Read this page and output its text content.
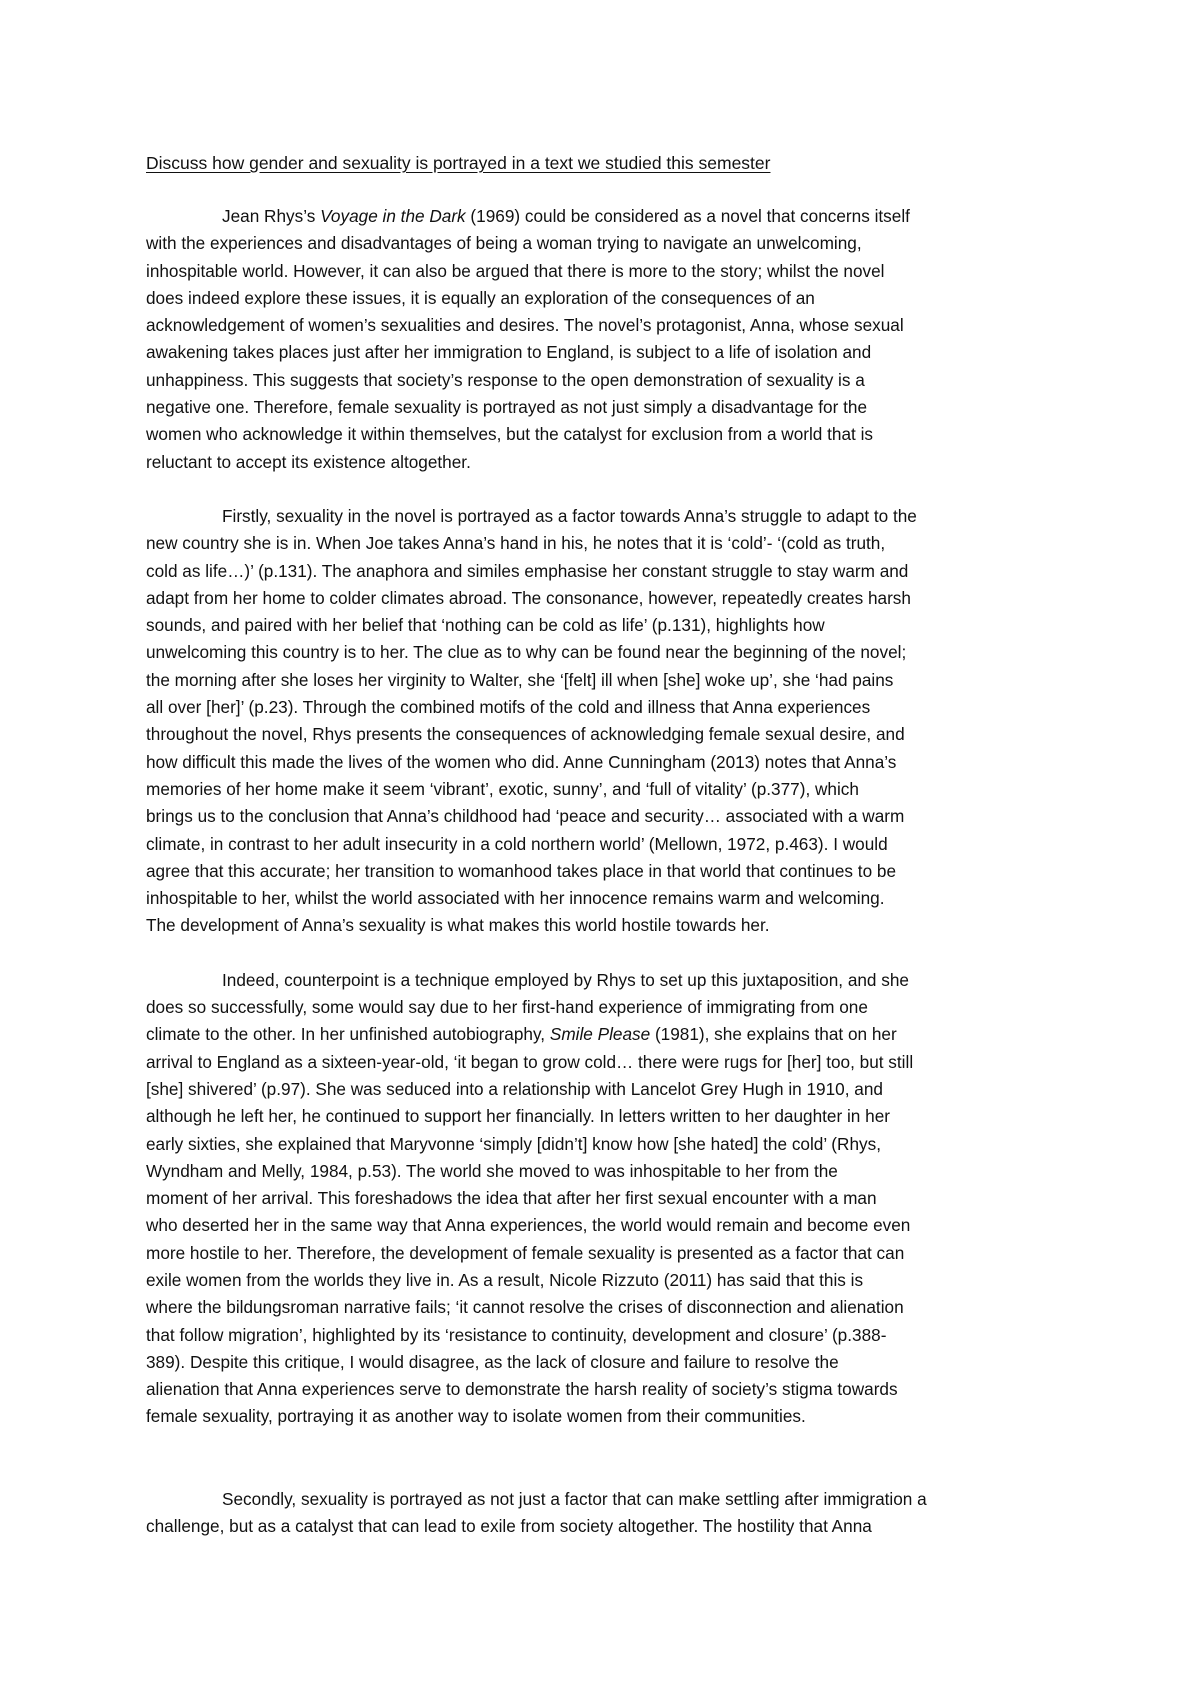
Discuss how gender and sexuality is portrayed in a text we studied this semester
Jean Rhys’s Voyage in the Dark (1969) could be considered as a novel that concerns itself
with the experiences and disadvantages of being a woman trying to navigate an unwelcoming,
inhospitable world. However, it can also be argued that there is more to the story; whilst the novel
does indeed explore these issues, it is equally an exploration of the consequences of an
acknowledgement of women’s sexualities and desires. The novel’s protagonist, Anna, whose sexual
awakening takes places just after her immigration to England, is subject to a life of isolation and
unhappiness. This suggests that society’s response to the open demonstration of sexuality is a
negative one. Therefore, female sexuality is portrayed as not just simply a disadvantage for the
women who acknowledge it within themselves, but the catalyst for exclusion from a world that is
reluctant to accept its existence altogether.
Firstly, sexuality in the novel is portrayed as a factor towards Anna’s struggle to adapt to the
new country she is in. When Joe takes Anna’s hand in his, he notes that it is ‘cold’- ‘(cold as truth,
cold as life…)’ (p.131). The anaphora and similes emphasise her constant struggle to stay warm and
adapt from her home to colder climates abroad. The consonance, however, repeatedly creates harsh
sounds, and paired with her belief that ‘nothing can be cold as life’ (p.131), highlights how
unwelcoming this country is to her. The clue as to why can be found near the beginning of the novel;
the morning after she loses her virginity to Walter, she ‘[felt] ill when [she] woke up’, she ‘had pains
all over [her]’ (p.23). Through the combined motifs of the cold and illness that Anna experiences
throughout the novel, Rhys presents the consequences of acknowledging female sexual desire, and
how difficult this made the lives of the women who did. Anne Cunningham (2013) notes that Anna’s
memories of her home make it seem ‘vibrant’, exotic, sunny’, and ‘full of vitality’ (p.377), which
brings us to the conclusion that Anna’s childhood had ‘peace and security… associated with a warm
climate, in contrast to her adult insecurity in a cold northern world’ (Mellown, 1972, p.463). I would
agree that this accurate; her transition to womanhood takes place in that world that continues to be
inhospitable to her, whilst the world associated with her innocence remains warm and welcoming.
The development of Anna’s sexuality is what makes this world hostile towards her.
Indeed, counterpoint is a technique employed by Rhys to set up this juxtaposition, and she
does so successfully, some would say due to her first-hand experience of immigrating from one
climate to the other. In her unfinished autobiography, Smile Please (1981), she explains that on her
arrival to England as a sixteen-year-old, ‘it began to grow cold… there were rugs for [her] too, but still
[she] shivered’ (p.97). She was seduced into a relationship with Lancelot Grey Hugh in 1910, and
although he left her, he continued to support her financially. In letters written to her daughter in her
early sixties, she explained that Maryvonne ‘simply [didn’t] know how [she hated] the cold’ (Rhys,
Wyndham and Melly, 1984, p.53). The world she moved to was inhospitable to her from the
moment of her arrival. This foreshadows the idea that after her first sexual encounter with a man
who deserted her in the same way that Anna experiences, the world would remain and become even
more hostile to her. Therefore, the development of female sexuality is presented as a factor that can
exile women from the worlds they live in. As a result, Nicole Rizzuto (2011) has said that this is
where the bildungsroman narrative fails; ‘it cannot resolve the crises of disconnection and alienation
that follow migration’, highlighted by its ‘resistance to continuity, development and closure’ (p.388-
389). Despite this critique, I would disagree, as the lack of closure and failure to resolve the
alienation that Anna experiences serve to demonstrate the harsh reality of society’s stigma towards
female sexuality, portraying it as another way to isolate women from their communities.
Secondly, sexuality is portrayed as not just a factor that can make settling after immigration a
challenge, but as a catalyst that can lead to exile from society altogether. The hostility that Anna
